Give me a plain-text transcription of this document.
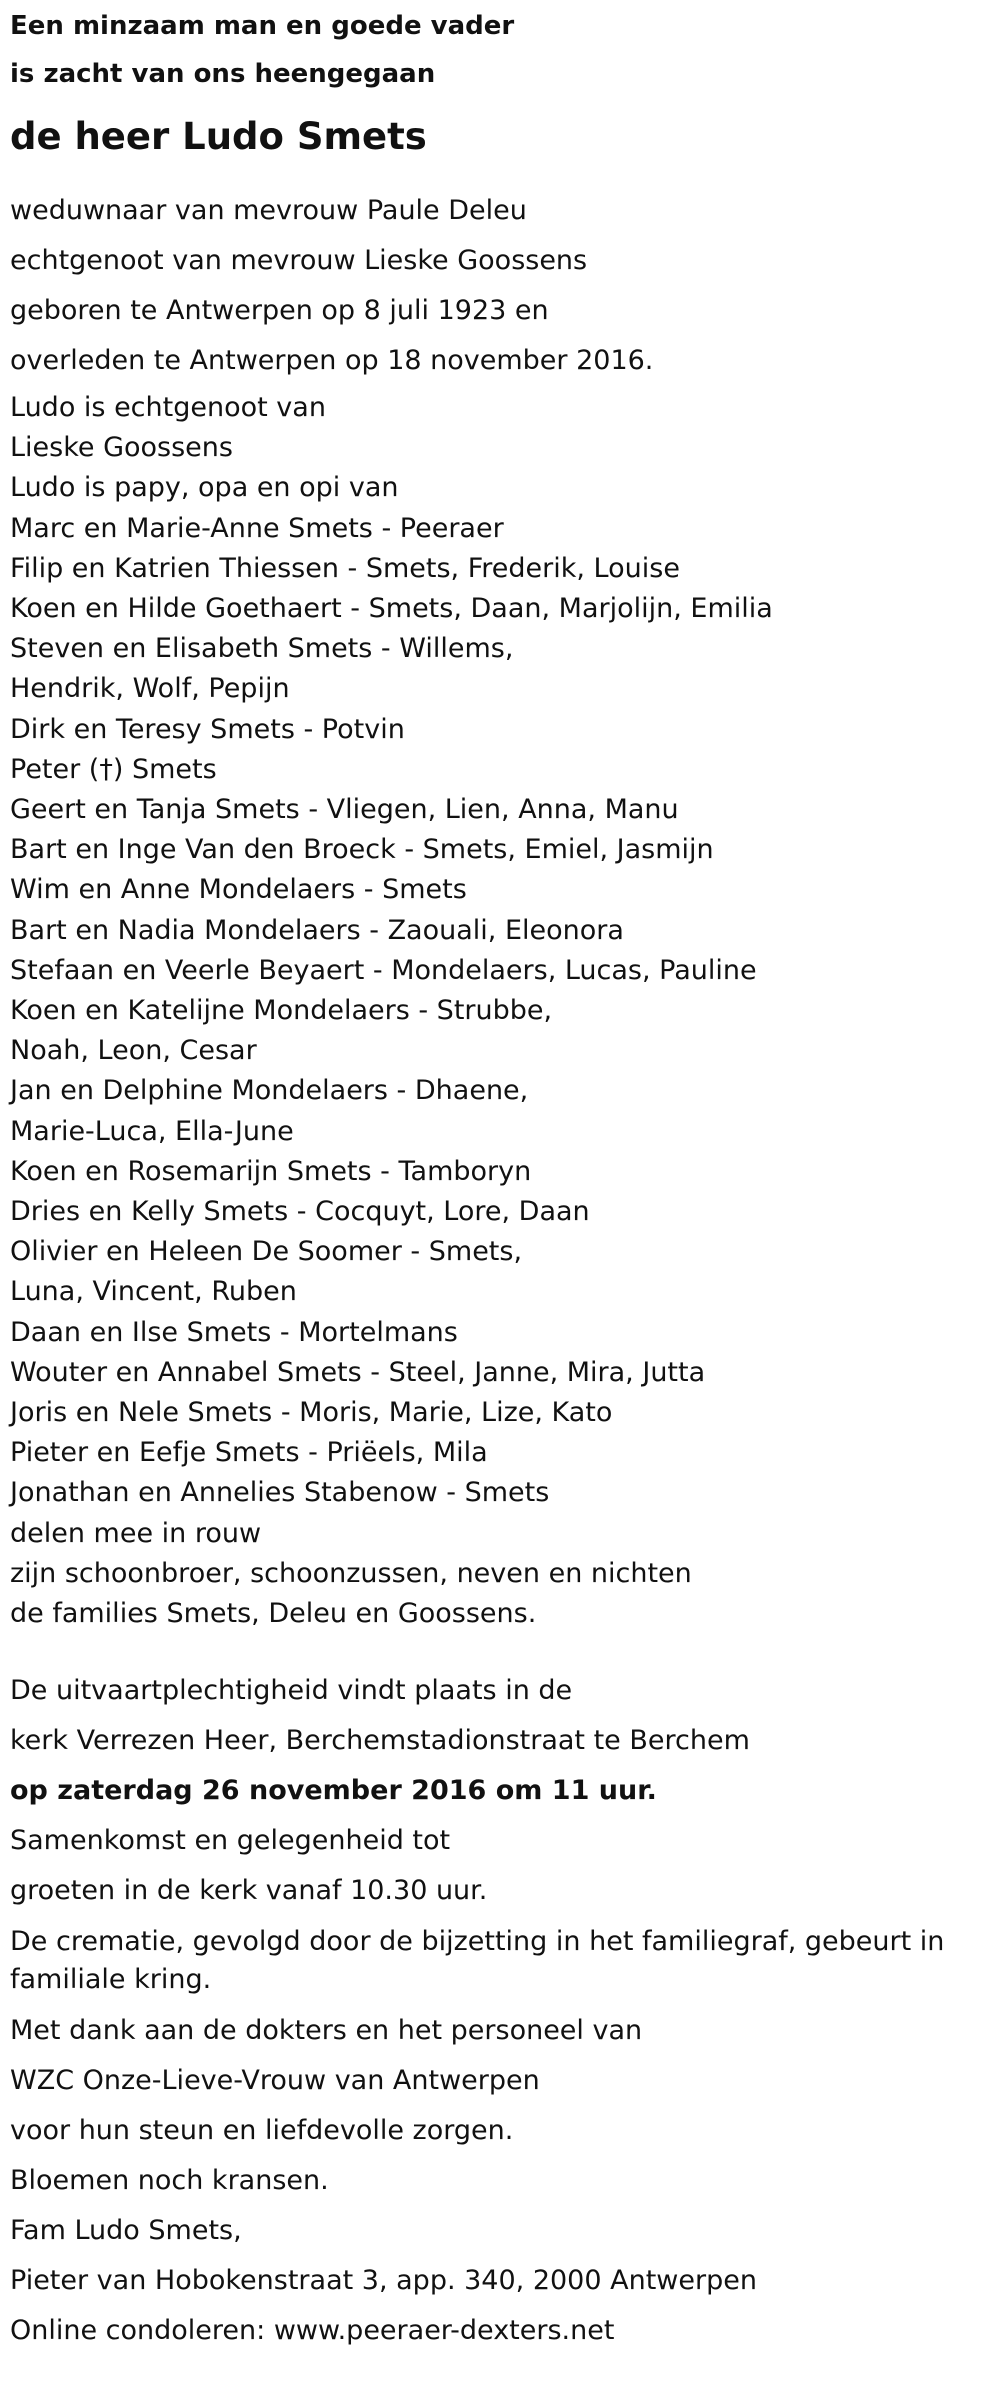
Een minzaam man en goede vader

is zacht van ons heengegaan

de heer Ludo Smets

weduwnaar van mevrouw Paule Deleu

echtgenoot van mevrouw Lieske Goossens

geboren te Antwerpen op 8 juli 1923 en

overleden te Antwerpen op 18 november 2016.

Ludo is echtgenoot van

Lieske Goossens

Ludo is papy, opa en opi van

Marc en Marie-Anne Smets - Peeraer

Filip en Katrien Thiessen - Smets, Frederik, Louise

Koen en Hilde Goethaert - Smets, Daan, Marjolijn, Emilia

Steven en Elisabeth Smets - Willems,

Hendrik, Wolf, Pepijn

Dirk en Teresy Smets - Potvin

Peter (†) Smets

Geert en Tanja Smets - Vliegen, Lien, Anna, Manu

Bart en Inge Van den Broeck - Smets, Emiel, Jasmijn

Wim en Anne Mondelaers - Smets

Bart en Nadia Mondelaers - Zaouali, Eleonora

Stefaan en Veerle Beyaert - Mondelaers, Lucas, Pauline

Koen en Katelijne Mondelaers - Strubbe,

Noah, Leon, Cesar

Jan en Delphine Mondelaers - Dhaene,

Marie-Luca, Ella-June

Koen en Rosemarijn Smets - Tamboryn

Dries en Kelly Smets - Cocquyt, Lore, Daan

Olivier en Heleen De Soomer - Smets,

Luna, Vincent, Ruben

Daan en Ilse Smets - Mortelmans

Wouter en Annabel Smets - Steel, Janne, Mira, Jutta

Joris en Nele Smets - Moris, Marie, Lize, Kato

Pieter en Eefje Smets - Priëels, Mila

Jonathan en Annelies Stabenow - Smets

delen mee in rouw

zijn schoonbroer, schoonzussen, neven en nichten

de families Smets, Deleu en Goossens.

De uitvaartplechtigheid vindt plaats in de

kerk Verrezen Heer, Berchemstadionstraat te Berchem

op zaterdag 26 november 2016 om 11 uur.

Samenkomst en gelegenheid tot

groeten in de kerk vanaf 10.30 uur.

De crematie, gevolgd door de bijzetting in het familiegraf, gebeurt in familiale kring.

Met dank aan de dokters en het personeel van

WZC Onze-Lieve-Vrouw van Antwerpen

voor hun steun en liefdevolle zorgen.

Bloemen noch kransen.

Fam Ludo Smets,

Pieter van Hobokenstraat 3, app. 340, 2000 Antwerpen

Online condoleren: www.peeraer-dexters.net
